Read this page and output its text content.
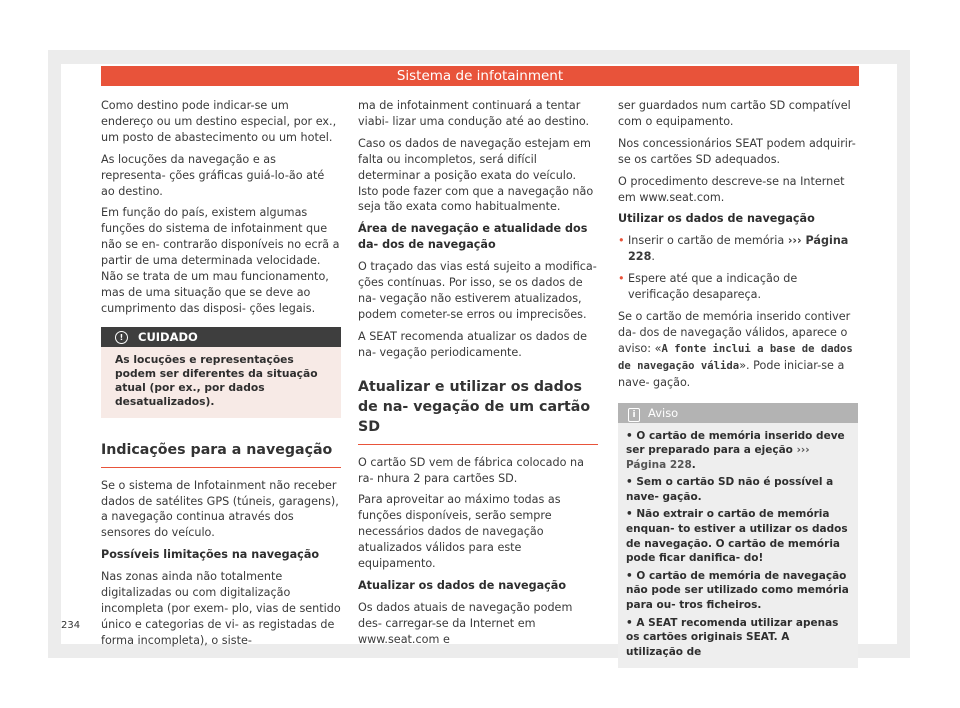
Sistema de infotainment

Como destino pode indicar-se um endereço ou um destino especial, por ex., um posto de abastecimento ou um hotel.

As locuções da navegação e as representa- ções gráficas guiá-lo-ão até ao destino.

Em função do país, existem algumas funções do sistema de infotainment que não se en- contrarão disponíveis no ecrã a partir de uma determinada velocidade. Não se trata de um mau funcionamento, mas de uma situação que se deve ao cumprimento das disposi- ções legais.

! CUIDADO
As locuções e representações podem ser diferentes da situação atual (por ex., por dados desatualizados).
Indicações para a navegação

Se o sistema de Infotainment não receber dados de satélites GPS (túneis, garagens), a navegação continua através dos sensores do veículo.

Possíveis limitações na navegação

Nas zonas ainda não totalmente digitalizadas ou com digitalização incompleta (por exem- plo, vias de sentido único e categorias de vi- as registadas de forma incompleta), o siste-

ma de infotainment continuará a tentar viabi- lizar uma condução até ao destino.

Caso os dados de navegação estejam em falta ou incompletos, será difícil determinar a posição exata do veículo. Isto pode fazer com que a navegação não seja tão exata como habitualmente.

Área de navegação e atualidade dos da- dos de navegação

O traçado das vias está sujeito a modifica- ções contínuas. Por isso, se os dados de na- vegação não estiverem atualizados, podem cometer-se erros ou imprecisões.

A SEAT recomenda atualizar os dados de na- vegação periodicamente.

Atualizar e utilizar os dados de na- vegação de um cartão SD

O cartão SD vem de fábrica colocado na ra- nhura 2 para cartões SD.

Para aproveitar ao máximo todas as funções disponíveis, serão sempre necessários dados de navegação atualizados válidos para este equipamento.

Atualizar os dados de navegação

Os dados atuais de navegação podem des- carregar-se da Internet em www.seat.com e

ser guardados num cartão SD compatível com o equipamento.

Nos concessionários SEAT podem adquirir-se os cartões SD adequados.

O procedimento descreve-se na Internet em www.seat.com.

Utilizar os dados de navegação

• Inserir o cartão de memória ››› Página 228.

• Espere até que a indicação de verificação desapareça.

Se o cartão de memória inserido contiver da- dos de navegação válidos, aparece o aviso: «A fonte inclui a base de dados de navegação válida». Pode iniciar-se a nave- gação.

i Aviso

• O cartão de memória inserido deve ser preparado para a ejeção ››› Página 228.

• Sem o cartão SD não é possível a nave- gação.

• Não extrair o cartão de memória enquan- to estiver a utilizar os dados de navegação. O cartão de memória pode ficar danifica- do!

• O cartão de memória de navegação não pode ser utilizado como memória para ou- tros ficheiros.

• A SEAT recomenda utilizar apenas os cartões originais SEAT. A utilização de

234
